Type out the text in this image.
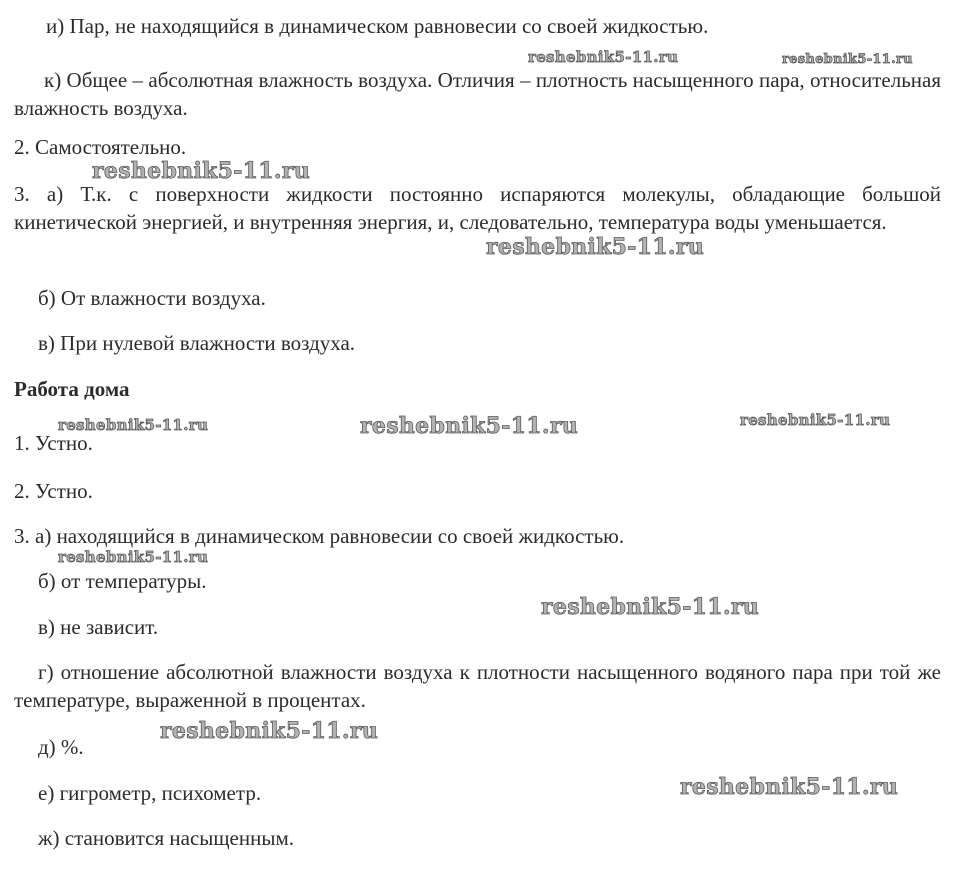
и) Пар, не находящийся в динамическом равновесии со своей жидкостью.
к) Общее – абсолютная влажность воздуха. Отличия – плотность насыщенного пара, относительная влажность воздуха.
2. Самостоятельно.
3. а) Т.к. с поверхности жидкости постоянно испаряются молекулы, обладающие большой кинетической энергией, и внутренняя энергия, и, следовательно, температура воды уменьшается.
б) От влажности воздуха.
в) При нулевой влажности воздуха.
Работа дома
1. Устно.
2. Устно.
3. а) находящийся в динамическом равновесии со своей жидкостью.
б) от температуры.
в) не зависит.
г) отношение абсолютной влажности воздуха к плотности насыщенного водяного пара при той же температуре, выраженной в процентах.
д) %.
е) гигрометр, психометр.
ж) становится насыщенным.
reshebnik5-11.ru	reshebnik5-11.ru
reshebnik5-11.ru
reshebnik5-11.ru
reshebnik5-11.ru	reshebnik5-11.ru	reshebnik5-11.ru
reshebnik5-11.ru
reshebnik5-11.ru
reshebnik5-11.ru
reshebnik5-11.ru
